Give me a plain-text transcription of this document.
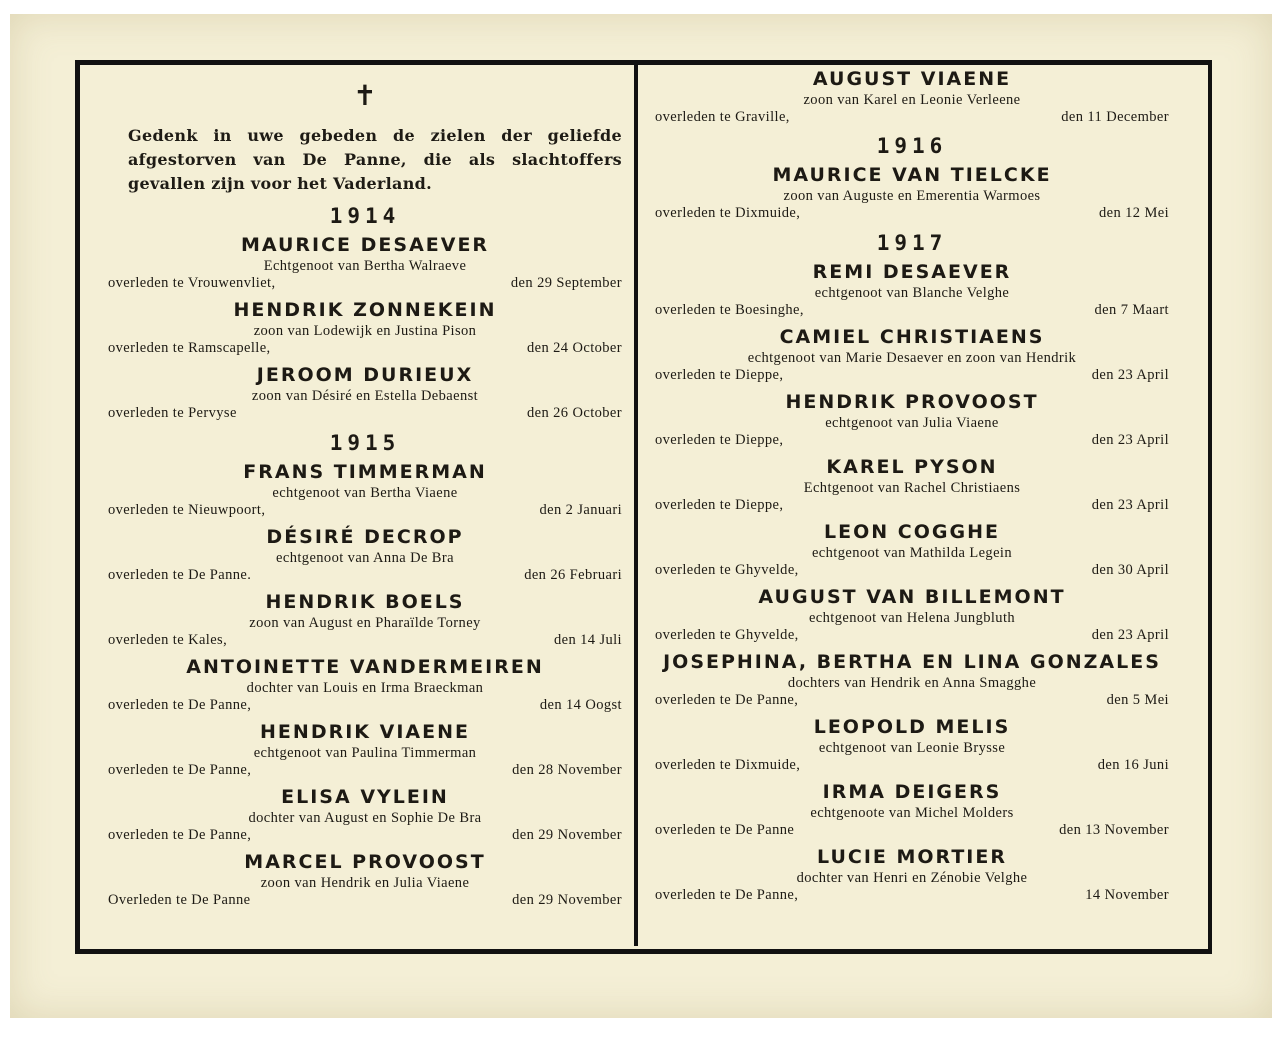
✝
Gedenk in uwe gebeden de zielen der geliefde afgestorven van De Panne, die als slachtoffers gevallen zijn voor het Vaderland.
1914
MAURICE DESAEVER
Echtgenoot van Bertha Walraeve
overleden te Vrouwenvliet,	den 29 September
HENDRIK ZONNEKEIN
zoon van Lodewijk en Justina Pison
overleden te Ramscapelle,	den 24 October
JEROOM DURIEUX
zoon van Désiré en Estella Debaenst
overleden te Pervyse	den 26 October
1915
FRANS TIMMERMAN
echtgenoot van Bertha Viaene
overleden te Nieuwpoort,	den 2 Januari
DÉSIRÉ DECROP
echtgenoot van Anna De Bra
overleden te De Panne.	den 26 Februari
HENDRIK BOELS
zoon van August en Pharaïlde Torney
overleden te Kales,	den 14 Juli
ANTOINETTE VANDERMEIREN
dochter van Louis en Irma Braeckman
overleden te De Panne,	den 14 Oogst
HENDRIK VIAENE
echtgenoot van Paulina Timmerman
overleden te De Panne,	den 28 November
ELISA VYLEIN
dochter van August en Sophie De Bra
overleden te De Panne,	den 29 November
MARCEL PROVOOST
zoon van Hendrik en Julia Viaene
Overleden te De Panne	den 29 November
AUGUST VIAENE
zoon van Karel en Leonie Verleene
overleden te Graville,	den 11 December
1916
MAURICE VAN TIELCKE
zoon van Auguste en Emerentia Warmoes
overleden te Dixmuide,	den 12 Mei
1917
REMI DESAEVER
echtgenoot van Blanche Velghe
overleden te Boesinghe,	den 7 Maart
CAMIEL CHRISTIAENS
echtgenoot van Marie Desaever en zoon van Hendrik
overleden te Dieppe,	den 23 April
HENDRIK PROVOOST
echtgenoot van Julia Viaene
overleden te Dieppe,	den 23 April
KAREL PYSON
Echtgenoot van Rachel Christiaens
overleden te Dieppe,	den 23 April
LEON COGGHE
echtgenoot van Mathilda Legein
overleden te Ghyvelde,	den 30 April
AUGUST VAN BILLEMONT
echtgenoot van Helena Jungbluth
overleden te Ghyvelde,	den 23 April
JOSEPHINA, BERTHA EN LINA GONZALES
dochters van Hendrik en Anna Smagghe
overleden te De Panne,	den 5 Mei
LEOPOLD MELIS
echtgenoot van Leonie Brysse
overleden te Dixmuide,	den 16 Juni
IRMA DEIGERS
echtgenoote van Michel Molders
overleden te De Panne	den 13 November
LUCIE MORTIER
dochter van Henri en Zénobie Velghe
overleden te De Panne,	14 November
